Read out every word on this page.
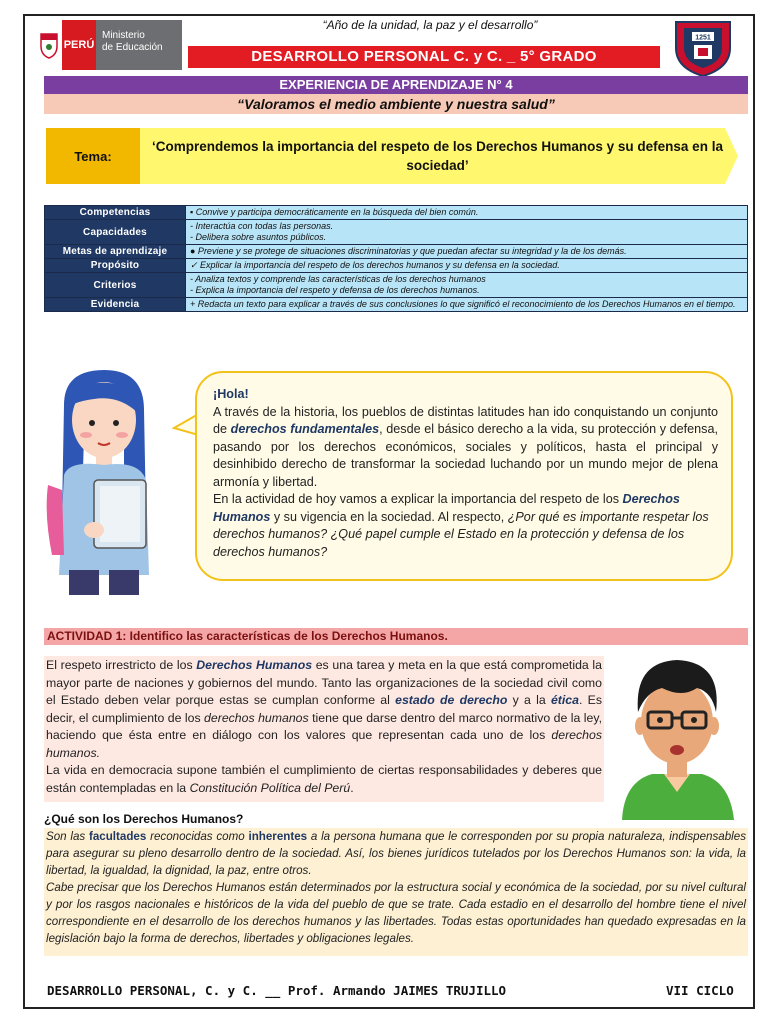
PERÚ
Ministerio
de Educación
“Año de la unidad, la paz y el desarrollo”
1251
DESARROLLO PERSONAL C. y C. _ 5° GRADO
EXPERIENCIA DE APRENDIZAJE N° 4
“Valoramos el medio ambiente y nuestra salud”
Tema:
‘Comprendemos la importancia del respeto de los Derechos Humanos y su defensa en la sociedad’
Competencias	▪ Convive y participa democráticamente en la búsqueda del bien común.

Capacidades	- Interactúa con todas las personas.
- Delibera sobre asuntos públicos.

Metas de aprendizaje	● Previene y se protege de situaciones discriminatorias y que puedan afectar su integridad y la de los demás.

Propósito	✓ Explicar la importancia del respeto de los derechos humanos y su defensa en la sociedad.

Criterios	- Analiza textos y comprende las características de los derechos humanos
- Explica la importancia del respeto y defensa de los derechos humanos.

Evidencia	+ Redacta un texto para explicar a través de sus conclusiones lo que significó el reconocimiento de los Derechos Humanos en el tiempo.
¡Hola!
A través de la historia, los pueblos de distintas latitudes han ido conquistando un conjunto de derechos fundamentales, desde el básico derecho a la vida, su protección y defensa, pasando por los derechos económicos, sociales y políticos, hasta el principal y desinhibido derecho de transformar la sociedad luchando por un mundo mejor de plena armonía y libertad.
En la actividad de hoy vamos a explicar la importancia del respeto de los Derechos Humanos y su vigencia en la sociedad. Al respecto, ¿Por qué es importante respetar los derechos humanos? ¿Qué papel cumple el Estado en la protección y defensa de los derechos humanos?
ACTIVIDAD 1: Identifico las características de los Derechos Humanos.
El respeto irrestricto de los Derechos Humanos es una tarea y meta en la que está comprometida la mayor parte de naciones y gobiernos del mundo. Tanto las organizaciones de la sociedad civil como el Estado deben velar porque estas se cumplan conforme al estado de derecho y a la ética. Es decir, el cumplimiento de los derechos humanos tiene que darse dentro del marco normativo de la ley, haciendo que ésta entre en diálogo con los valores que representan cada uno de los derechos humanos.
La vida en democracia supone también el cumplimiento de ciertas responsabilidades y deberes que están contempladas en la Constitución Política del Perú.
¿Qué son los Derechos Humanos?
Son las facultades reconocidas como inherentes a la persona humana que le corresponden por su propia naturaleza, indispensables para asegurar su pleno desarrollo dentro de la sociedad. Así, los bienes jurídicos tutelados por los Derechos Humanos son: la vida, la libertad, la igualdad, la dignidad, la paz, entre otros.
Cabe precisar que los Derechos Humanos están determinados por la estructura social y económica de la sociedad, por su nivel cultural y por los rasgos nacionales e históricos de la vida del pueblo de que se trate. Cada estadio en el desarrollo del hombre tiene el nivel correspondiente en el desarrollo de los derechos humanos y las libertades. Todas estas oportunidades han quedado expresadas en la legislación bajo la forma de derechos, libertades y obligaciones legales.
DESARROLLO PERSONAL, C. y C. __ Prof. Armando JAIMES TRUJILLO	VII CICLO
